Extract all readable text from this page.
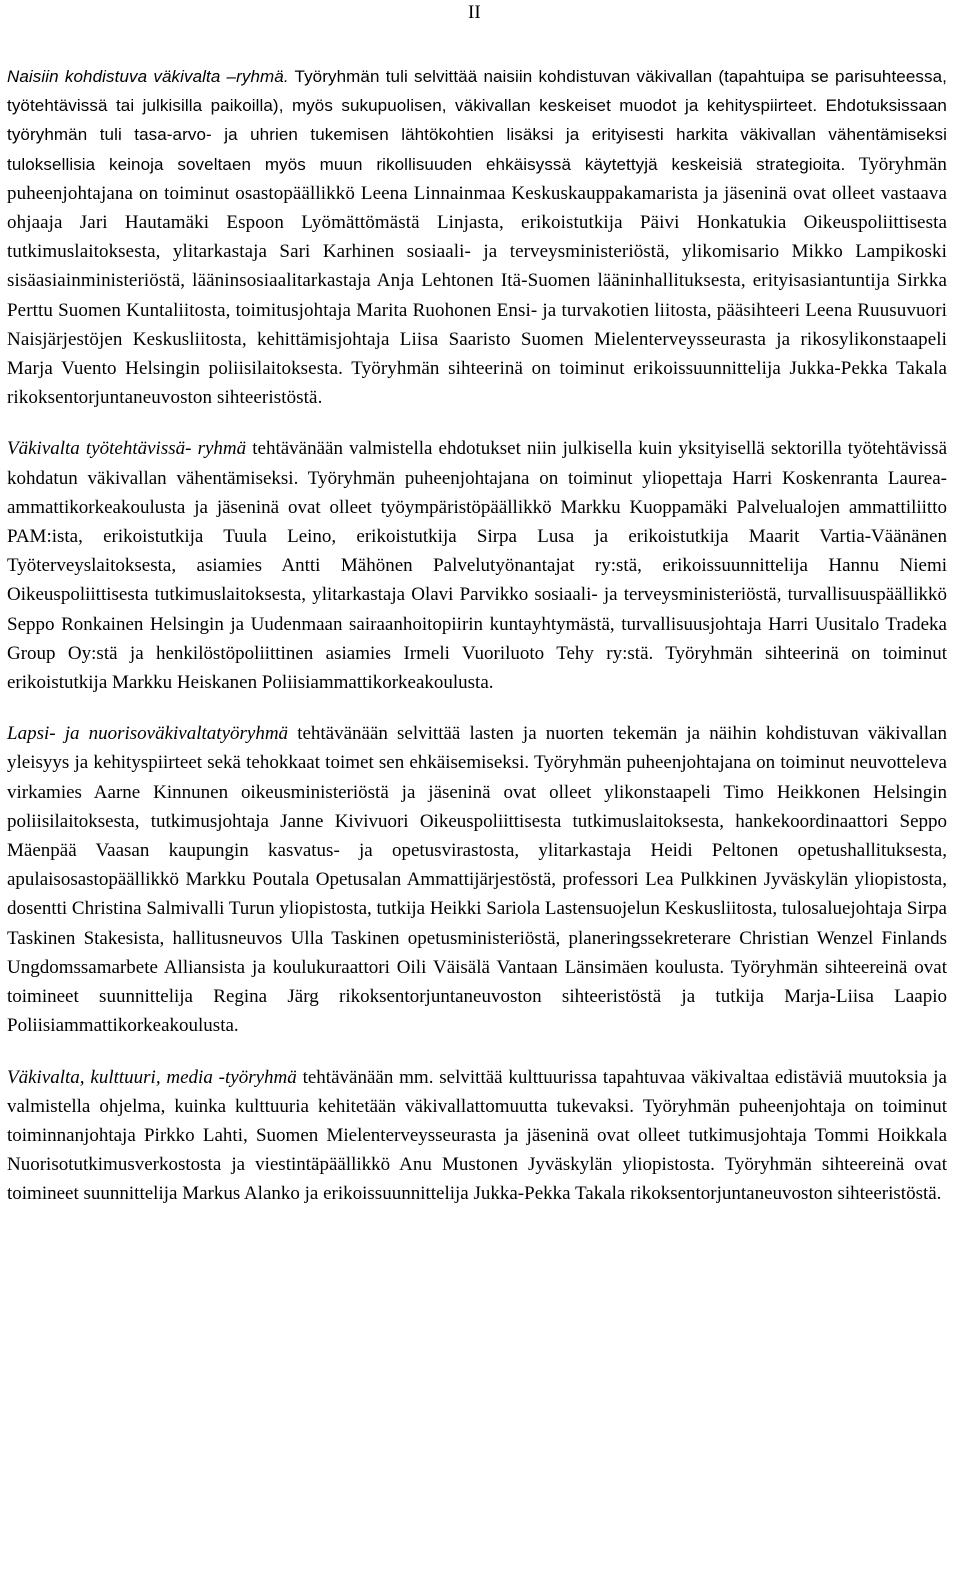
II

Naisiin kohdistuva väkivalta –ryhmä. Työryhmän tuli selvittää naisiin kohdistuvan väkivallan (tapahtuipa se parisuhteessa, työtehtävissä tai julkisilla paikoilla), myös sukupuolisen, väkivallan keskeiset muodot ja kehityspiirteet. Ehdotuksissaan työryhmän tuli tasa-arvo- ja uhrien tukemisen lähtökohtien lisäksi ja erityisesti harkita väkivallan vähentämiseksi tuloksellisia keinoja soveltaen myös muun rikollisuuden ehkäisyssä käytettyjä keskeisiä strategioita. Työryhmän puheenjohtajana on toiminut osastopäällikkö Leena Linnainmaa Keskuskauppakamarista ja jäseninä ovat olleet vastaava ohjaaja Jari Hautamäki Espoon Lyömättömästä Linjasta, erikoistutkija Päivi Honkatukia Oikeuspoliittisesta tutkimuslaitoksesta, ylitarkastaja Sari Karhinen sosiaali- ja terveysministeriöstä, ylikomisario Mikko Lampikoski sisäasiainministeriöstä, lääninsosiaalitarkastaja Anja Lehtonen Itä-Suomen lääninhallituksesta, erityisasiantuntija Sirkka Perttu Suomen Kuntaliitosta, toimitusjohtaja Marita Ruohonen Ensi- ja turvakotien liitosta, pääsihteeri Leena Ruusuvuori Naisjärjestöjen Keskusliitosta, kehittämisjohtaja Liisa Saaristo Suomen Mielenterveysseurasta ja rikosylikonstaapeli Marja Vuento Helsingin poliisilaitoksesta. Työryhmän sihteerinä on toiminut erikoissuunnittelija Jukka-Pekka Takala rikoksentorjuntaneuvoston sihteeristöstä.

Väkivalta työtehtävissä- ryhmä tehtävänään valmistella ehdotukset niin julkisella kuin yksityisellä sektorilla työtehtävissä kohdatun väkivallan vähentämiseksi. Työryhmän puheenjohtajana on toiminut yliopettaja Harri Koskenranta Laurea-ammattikorkeakoulusta ja jäseninä ovat olleet työympäristöpäällikkö Markku Kuoppamäki Palvelualojen ammattiliitto PAM:ista, erikoistutkija Tuula Leino, erikoistutkija Sirpa Lusa ja erikoistutkija Maarit Vartia-Väänänen Työterveyslaitoksesta, asiamies Antti Mähönen Palvelutyönantajat ry:stä, erikoissuunnittelija Hannu Niemi Oikeuspoliittisesta tutkimuslaitoksesta, ylitarkastaja Olavi Parvikko sosiaali- ja terveysministeriöstä, turvallisuuspäällikkö Seppo Ronkainen Helsingin ja Uudenmaan sairaanhoitopiirin kuntayhtymästä, turvallisuusjohtaja Harri Uusitalo Tradeka Group Oy:stä ja henkilöstöpoliittinen asiamies Irmeli Vuoriluoto Tehy ry:stä. Työryhmän sihteerinä on toiminut erikoistutkija Markku Heiskanen Poliisiammattikorkeakoulusta.

Lapsi- ja nuorisoväkivaltatyöryhmä tehtävänään selvittää lasten ja nuorten tekemän ja näihin kohdistuvan väkivallan yleisyys ja kehityspiirteet sekä tehokkaat toimet sen ehkäisemiseksi. Työryhmän puheenjohtajana on toiminut neuvotteleva virkamies Aarne Kinnunen oikeusministeriöstä ja jäseninä ovat olleet ylikonstaapeli Timo Heikkonen Helsingin poliisilaitoksesta, tutkimusjohtaja Janne Kivivuori Oikeuspoliittisesta tutkimuslaitoksesta, hankekoordinaattori Seppo Mäenpää Vaasan kaupungin kasvatus- ja opetusvirastosta, ylitarkastaja Heidi Peltonen opetushallituksesta, apulaisosastopäällikkö Markku Poutala Opetusalan Ammattijärjestöstä, professori Lea Pulkkinen Jyväskylän yliopistosta, dosentti Christina Salmivalli Turun yliopistosta, tutkija Heikki Sariola Lastensuojelun Keskusliitosta, tulosaluejohtaja Sirpa Taskinen Stakesista, hallitusneuvos Ulla Taskinen opetusministeriöstä, planeringssekreterare Christian Wenzel Finlands Ungdomssamarbete Alliansista ja koulukuraattori Oili Väisälä Vantaan Länsimäen koulusta. Työryhmän sihteereinä ovat toimineet suunnittelija Regina Järg rikoksentorjuntaneuvoston sihteeristöstä ja tutkija Marja-Liisa Laapio Poliisiammattikorkeakoulusta.

Väkivalta, kulttuuri, media -työryhmä tehtävänään mm. selvittää kulttuurissa tapahtuvaa väkivaltaa edistäviä muutoksia ja valmistella ohjelma, kuinka kulttuuria kehitetään väkivallattomuutta tukevaksi. Työryhmän puheenjohtaja on toiminut toiminnanjohtaja Pirkko Lahti, Suomen Mielenterveysseurasta ja jäseninä ovat olleet tutkimusjohtaja Tommi Hoikkala Nuorisotutkimusverkostosta ja viestintäpäällikkö Anu Mustonen Jyväskylän yliopistosta. Työryhmän sihteereinä ovat toimineet suunnittelija Markus Alanko ja erikoissuunnittelija Jukka-Pekka Takala rikoksentorjuntaneuvoston sihteeristöstä.
